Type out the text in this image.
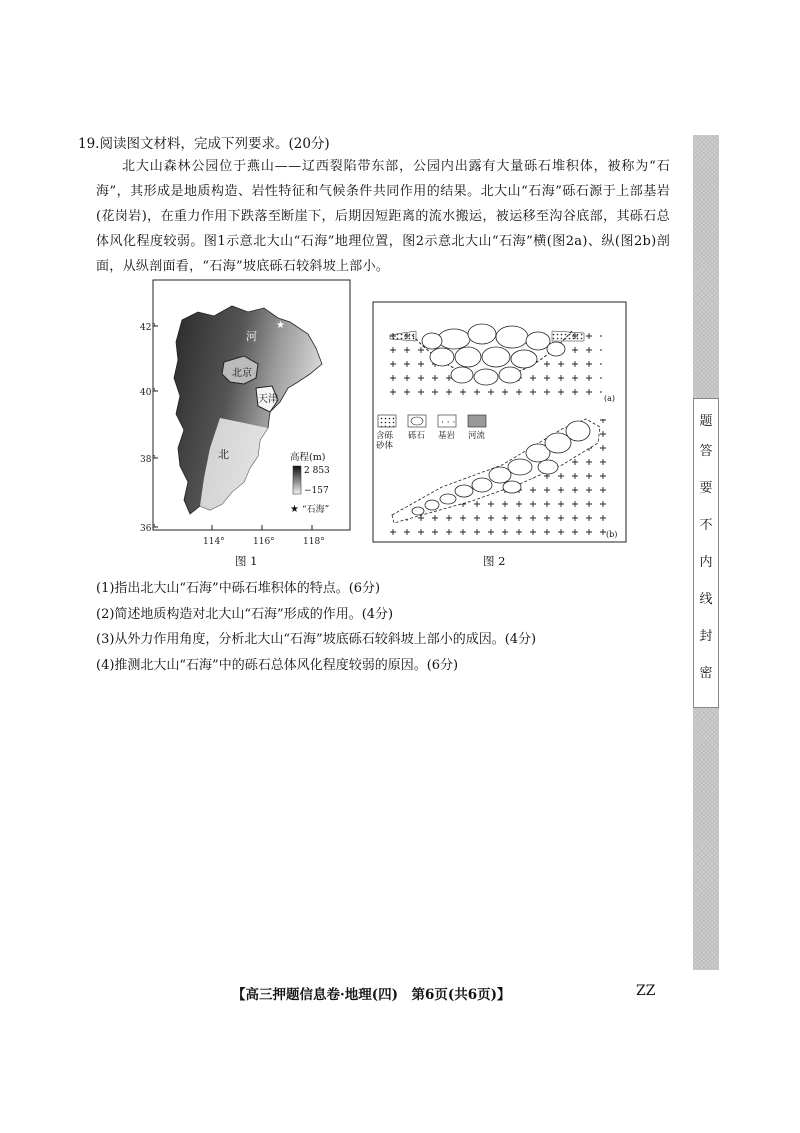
19.阅读图文材料，完成下列要求。(20分)
北大山森林公园位于燕山——辽西裂陷带东部，公园内出露有大量砾石堆积体，被称为“石海”，其形成是地质构造、岩性特征和气候条件共同作用的结果。北大山“石海”砾石源于上部基岩(花岗岩)，在重力作用下跌落至断崖下，后期因短距离的流水搬运，被运移至沟谷底部，其砾石总体风化程度较弱。图1示意北大山“石海”地理位置，图2示意北大山“石海”横(图2a)、纵(图2b)剖面，从纵剖面看，“石海”坡底砾石较斜坡上部小。
42°
40°
38°
36°
114°	116°	118°
河
北京
天津
北
★
高程(m)
2 853
−157
★ “石海”
图 1
(a)
· · ·
含砾
砂体
砾石 基岩 河流
(b)
图 2
(1)指出北大山“石海”中砾石堆积体的特点。(6分)
(2)简述地质构造对北大山“石海”形成的作用。(4分)
(3)从外力作用角度，分析北大山“石海”坡底砾石较斜坡上部小的成因。(4分)
(4)推测北大山“石海”中的砾石总体风化程度较弱的原因。(6分)
密
封
线
内
不
要
答
题
【高三押题信息卷·地理(四)　第6页(共6页)】	ZZ
